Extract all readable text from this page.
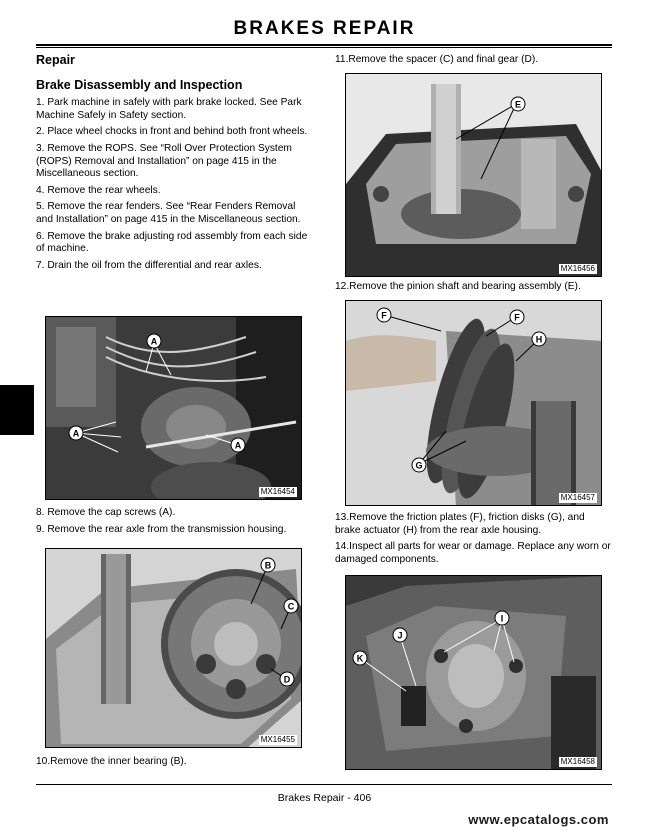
BRAKES REPAIR
Repair
Brake Disassembly and Inspection
1. Park machine in safely with park brake locked. See Park Machine Safely in Safety section.
2. Place wheel chocks in front and behind both front wheels.
3. Remove the ROPS. See “Roll Over Protection System (ROPS) Removal and Installation” on page 415 in the Miscellaneous section.
4. Remove the rear wheels.
5. Remove the rear fenders. See “Rear Fenders Removal and Installation” on page 415 in the Miscellaneous section.
6. Remove the brake adjusting rod assembly from each side of machine.
7. Drain the oil from the differential and rear axles.
A
A
A
MX16454
8. Remove the cap screws (A).
9. Remove the rear axle from the transmission housing.
B
C
D
MX16455
10.Remove the inner bearing (B).
11.Remove the spacer (C) and final gear (D).
E
MX16456
12.Remove the pinion shaft and bearing assembly (E).
F	F
H
G
MX16457
13.Remove the friction plates (F), friction disks (G), and brake actuator (H) from the rear axle housing.
14.Inspect all parts for wear or damage. Replace any worn or damaged components.
I
J
K
MX16458
Brakes Repair - 406
www.epcatalogs.com
